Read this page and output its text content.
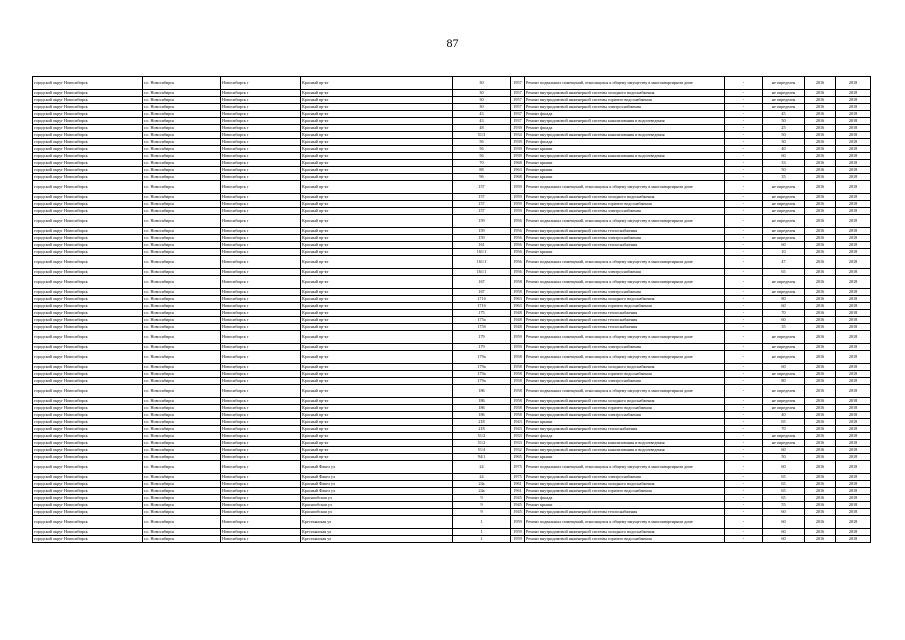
87
городской округ Новосибирск	г.о. Новосибирск	Новосибирск г	Красный пр-кт	30	1957	Ремонт подвальных помещений, относящихся к общему имуществу в многоквартирном доме	-	не определен	2016	2018
городской округ Новосибирск	г.о. Новосибирск	Новосибирск г	Красный пр-кт	30	1957	Ремонт внутридомовой инженерной системы холодного водоснабжения	-	не определен	2016	2018
городской округ Новосибирск	г.о. Новосибирск	Новосибирск г	Красный пр-кт	30	1957	Ремонт внутридомовой инженерной системы горячего водоснабжения	-	не определен	2016	2018
городской округ Новосибирск	г.о. Новосибирск	Новосибирск г	Красный пр-кт	30	1957	Ремонт внутридомовой инженерной системы электроснабжения	-	не определен	2016	2018
городской округ Новосибирск	г.о. Новосибирск	Новосибирск г	Красный пр-кт	43	1937	Ремонт фасада	-	45	2016	2018
городской округ Новосибирск	г.о. Новосибирск	Новосибирск г	Красный пр-кт	43	1937	Ремонт внутридомовой инженерной системы канализования и водоотведения	-	50	2016	2018
городской округ Новосибирск	г.о. Новосибирск	Новосибирск г	Красный пр-кт	48	1939	Ремонт фасада	-	25	2016	2018
городской округ Новосибирск	г.о. Новосибирск	Новосибирск г	Красный пр-кт	51/3	1934	Ремонт внутридомовой инженерной системы канализования и водоотведения	-	50	2016	2018
городской округ Новосибирск	г.о. Новосибирск	Новосибирск г	Красный пр-кт	56	1939	Ремонт фасада	-	30	2016	2018
городской округ Новосибирск	г.о. Новосибирск	Новосибирск г	Красный пр-кт	56	1939	Ремонт крыши	-	40	2016	2018
городской округ Новосибирск	г.о. Новосибирск	Новосибирск г	Красный пр-кт	56	1939	Ремонт внутридомовой инженерной системы канализования и водоотведения	-	60	2016	2018
городской округ Новосибирск	г.о. Новосибирск	Новосибирск г	Красный пр-кт	70	1968	Ремонт крыши	-	33	2016	2018
городской округ Новосибирск	г.о. Новосибирск	Новосибирск г	Красный пр-кт	88	1963	Ремонт крыши	-	50	2016	2018
городской округ Новосибирск	г.о. Новосибирск	Новосибирск г	Красный пр-кт	96	1968	Ремонт крыши	-	35	2016	2018
городской округ Новосибирск	г.о. Новосибирск	Новосибирск г	Красный пр-кт	157	1959	Ремонт подвальных помещений, относящихся к общему имуществу в многоквартирном доме	-	не определен	2016	2018
городской округ Новосибирск	г.о. Новосибирск	Новосибирск г	Красный пр-кт	157	1959	Ремонт внутридомовой инженерной системы холодного водоснабжения	-	не определен	2016	2018
городской округ Новосибирск	г.о. Новосибирск	Новосибирск г	Красный пр-кт	157	1959	Ремонт внутридомовой инженерной системы горячего водоснабжения	-	не определен	2016	2018
городской округ Новосибирск	г.о. Новосибирск	Новосибирск г	Красный пр-кт	157	1959	Ремонт внутридомовой инженерной системы электроснабжения	-	не определен	2016	2018
городской округ Новосибирск	г.о. Новосибирск	Новосибирск г	Красный пр-кт	159	1956	Ремонт подвальных помещений, относящихся к общему имуществу в многоквартирном доме	-	не определен	2016	2018
городской округ Новосибирск	г.о. Новосибирск	Новосибирск г	Красный пр-кт	159	1956	Ремонт внутридомовой инженерной системы теплоснабжения	-	не определен	2016	2018
городской округ Новосибирск	г.о. Новосибирск	Новосибирск г	Красный пр-кт	159	1956	Ремонт внутридомовой инженерной системы электроснабжения	-	не определен	2016	2018
городской округ Новосибирск	г.о. Новосибирск	Новосибирск г	Красный пр-кт	161	1956	Ремонт внутридомовой инженерной системы теплоснабжения	-	60	2016	2018
городской округ Новосибирск	г.о. Новосибирск	Новосибирск г	Красный пр-кт	161/1	1956	Ремонт крыши	-	10	2016	2018
городской округ Новосибирск	г.о. Новосибирск	Новосибирск г	Красный пр-кт	161/1	1956	Ремонт подвальных помещений, относящихся к общему имуществу в многоквартирном доме	-	47	2016	2018
городской округ Новосибирск	г.о. Новосибирск	Новосибирск г	Красный пр-кт	161/1	1956	Ремонт внутридомовой инженерной системы электроснабжения	-	65	2016	2018
городской округ Новосибирск	г.о. Новосибирск	Новосибирск г	Красный пр-кт	167	1958	Ремонт подвальных помещений, относящихся к общему имуществу в многоквартирном доме	-	не определен	2016	2018
городской округ Новосибирск	г.о. Новосибирск	Новосибирск г	Красный пр-кт	167	1958	Ремонт внутридомовой инженерной системы электроснабжения	-	не определен	2016	2018
городской округ Новосибирск	г.о. Новосибирск	Новосибирск г	Красный пр-кт	171б	1963	Ремонт внутридомовой инженерной системы холодного водоснабжения	-	80	2016	2018
городской округ Новосибирск	г.о. Новосибирск	Новосибирск г	Красный пр-кт	171б	1963	Ремонт внутридомовой инженерной системы горячего водоснабжения	-	60	2016	2018
городской округ Новосибирск	г.о. Новосибирск	Новосибирск г	Красный пр-кт	175	1948	Ремонт внутридомовой инженерной системы теплоснабжения	-	70	2016	2018
городской округ Новосибирск	г.о. Новосибирск	Новосибирск г	Красный пр-кт	175а	1948	Ремонт внутридомовой инженерной системы теплоснабжения	-	60	2016	2018
городской округ Новосибирск	г.о. Новосибирск	Новосибирск г	Красный пр-кт	175б	1948	Ремонт внутридомовой инженерной системы теплоснабжения	-	35	2016	2018
городской округ Новосибирск	г.о. Новосибирск	Новосибирск г	Красный пр-кт	179	1959	Ремонт подвальных помещений, относящихся к общему имуществу в многоквартирном доме	-	не определен	2016	2018
городской округ Новосибирск	г.о. Новосибирск	Новосибирск г	Красный пр-кт	179	1959	Ремонт внутридомовой инженерной системы электроснабжения	-	не определен	2016	2018
городской округ Новосибирск	г.о. Новосибирск	Новосибирск г	Красный пр-кт	179а	1958	Ремонт подвальных помещений, относящихся к общему имуществу в многоквартирном доме	-	не определен	2016	2018
городской округ Новосибирск	г.о. Новосибирск	Новосибирск г	Красный пр-кт	179а	1958	Ремонт внутридомовой инженерной системы холодного водоснабжения	-	60	2016	2018
городской округ Новосибирск	г.о. Новосибирск	Новосибирск г	Красный пр-кт	179а	1958	Ремонт внутридомовой инженерной системы горячего водоснабжения	-	не определен	2016	2018
городской округ Новосибирск	г.о. Новосибирск	Новосибирск г	Красный пр-кт	179а	1958	Ремонт внутридомовой инженерной системы электроснабжения	-	80	2016	2018
городской округ Новосибирск	г.о. Новосибирск	Новосибирск г	Красный пр-кт	186	1958	Ремонт подвальных помещений, относящихся к общему имуществу в многоквартирном доме	-	не определен	2016	2018
городской округ Новосибирск	г.о. Новосибирск	Новосибирск г	Красный пр-кт	186	1958	Ремонт внутридомовой инженерной системы холодного водоснабжения	-	не определен	2016	2018
городской округ Новосибирск	г.о. Новосибирск	Новосибирск г	Красный пр-кт	186	1958	Ремонт внутридомовой инженерной системы горячего водоснабжения	-	не определен	2016	2018
городской округ Новосибирск	г.о. Новосибирск	Новосибирск г	Красный пр-кт	186	1958	Ремонт внутридомовой инженерной системы электроснабжения	-	40	2016	2018
городской округ Новосибирск	г.о. Новосибирск	Новосибирск г	Красный пр-кт	218	1943	Ремонт крыши	-	65	2016	2018
городской округ Новосибирск	г.о. Новосибирск	Новосибирск г	Красный пр-кт	218	1943	Ремонт внутридомовой инженерной системы теплоснабжения	-	70	2016	2018
городской округ Новосибирск	г.о. Новосибирск	Новосибирск г	Красный пр-кт	51/2	1933	Ремонт фасада	-	не определен	2016	2018
городской округ Новосибирск	г.о. Новосибирск	Новосибирск г	Красный пр-кт	51/2	1933	Ремонт внутридомовой инженерной системы канализования и водоотведения	-	не определен	2016	2018
городской округ Новосибирск	г.о. Новосибирск	Новосибирск г	Красный пр-кт	51/4	1932	Ремонт внутридомовой инженерной системы канализования и водоотведения	-	60	2016	2018
городской округ Новосибирск	г.о. Новосибирск	Новосибирск г	Красный пр-кт	94/1	1965	Ремонт крыши	-	50	2016	2018
городской округ Новосибирск	г.о. Новосибирск	Новосибирск г	Красный Факел ул	24	1975	Ремонт подвальных помещений, относящихся к общему имуществу в многоквартирном доме	-	60	2016	2018
городской округ Новосибирск	г.о. Новосибирск	Новосибирск г	Красный Факел ул	24	1975	Ремонт внутридомовой инженерной системы электроснабжения	-	65	2016	2018
городской округ Новосибирск	г.о. Новосибирск	Новосибирск г	Красный Факел ул	24а	1961	Ремонт внутридомовой инженерной системы холодного водоснабжения	-	65	2016	2018
городской округ Новосибирск	г.о. Новосибирск	Новосибирск г	Красный Факел ул	24а	1961	Ремонт внутридомовой инженерной системы горячего водоснабжения	-	65	2016	2018
городской округ Новосибирск	г.о. Новосибирск	Новосибирск г	Краснообская ул	9	1945	Ремонт фасада	-	65	2016	2018
городской округ Новосибирск	г.о. Новосибирск	Новосибирск г	Краснообская ул	9	1945	Ремонт крыши	-	55	2016	2018
городской округ Новосибирск	г.о. Новосибирск	Новосибирск г	Краснообская ул	9	1945	Ремонт внутридомовой инженерной системы теплоснабжения	-	60	2016	2018
городской округ Новосибирск	г.о. Новосибирск	Новосибирск г	Крестьянская ул	1	1959	Ремонт подвальных помещений, относящихся к общему имуществу в многоквартирном доме	-	60	2016	2018
городской округ Новосибирск	г.о. Новосибирск	Новосибирск г	Крестьянская ул	1	1959	Ремонт внутридомовой инженерной системы холодного водоснабжения	-	60	2016	2018
городской округ Новосибирск	г.о. Новосибирск	Новосибирск г	Крестьянская ул	1	1959	Ремонт внутридомовой инженерной системы горячего водоснабжения	-	60	2016	2018
